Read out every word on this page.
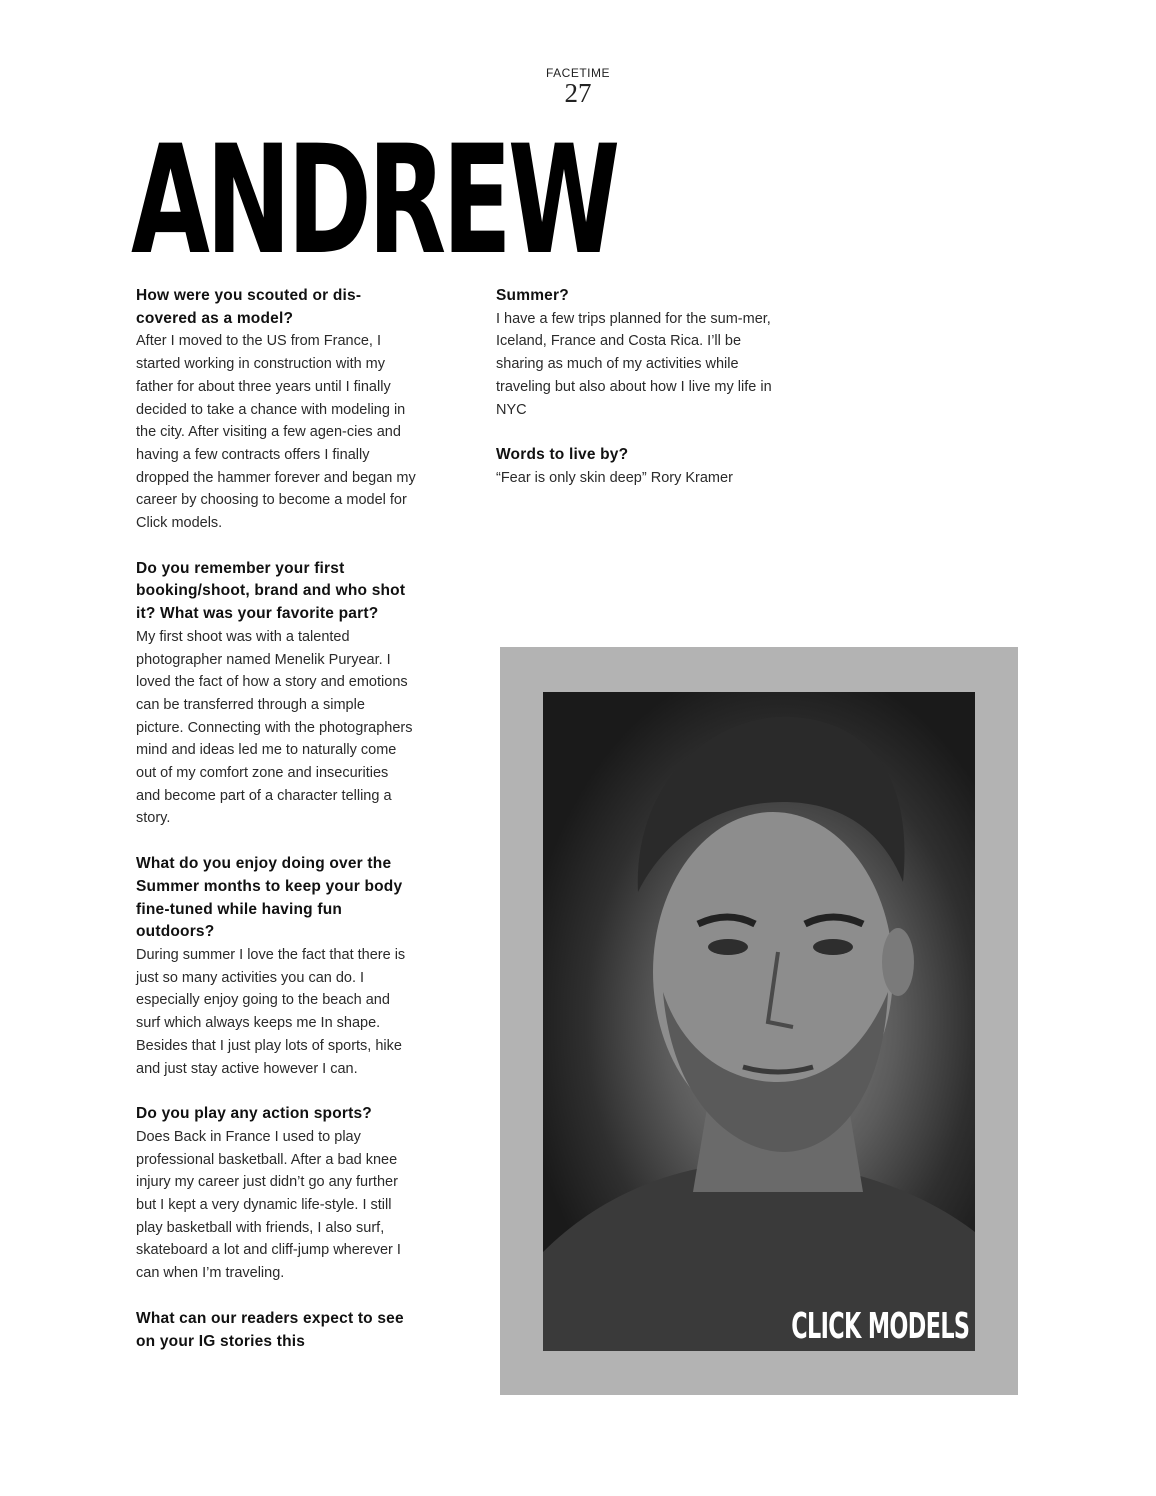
FACETIME
27
ANDREW

How were you scouted or dis-covered as a model?

After I moved to the US from France, I started working in construction with my father for about three years until I finally decided to take a chance with modeling in the city. After visiting a few agen-cies and having a few contracts offers I finally dropped the hammer forever and began my career by choosing to become a model for Click models.

Do you remember your first booking/shoot, brand and who shot it? What was your favorite part?

My first shoot was with a talented photographer named Menelik Puryear. I loved the fact of how a story and emotions can be transferred through a simple picture. Connecting with the photographers mind and ideas led me to naturally come out of my comfort zone and insecurities and become part of a character telling a story.

What do you enjoy doing over the Summer months to keep your body fine-tuned while having fun outdoors?

During summer I love the fact that there is just so many activities you can do. I especially enjoy going to the beach and surf which always keeps me In shape. Besides that I just play lots of sports, hike and just stay active however I can.

Do you play any action sports?

Does Back in France I used to play professional basketball. After a bad knee injury my career just didn’t go any further but I kept a very dynamic life-style. I still play basketball with friends, I also surf, skateboard a lot and cliff-jump wherever I can when I’m traveling.

What can our readers expect to see on your IG stories this

Summer?

I have a few trips planned for the sum-mer, Iceland, France and Costa Rica. I’ll be sharing as much of my activities while traveling but also about how I live my life in NYC

Words to live by?

“Fear is only skin deep” Rory Kramer

CLICK MODELS
